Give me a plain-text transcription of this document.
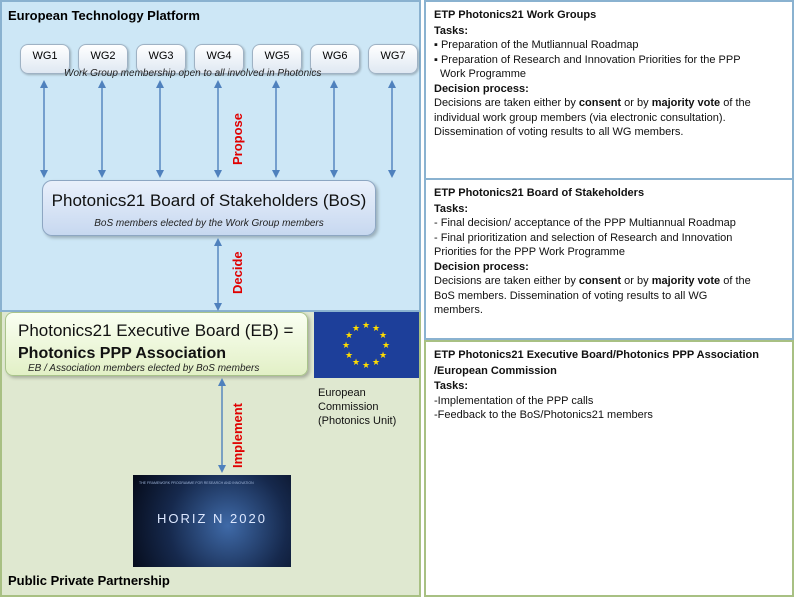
European Technology Platform
Public Private Partnership
WG1	WG2	WG3	WG4	WG5	WG6	WG7
Work Group membership open to all involved in Photonics
Photonics21 Board of Stakeholders (BoS)
BoS members elected by the Work Group members
Photonics21 Executive Board (EB) =
Photonics PPP Association
EB / Association members elected by BoS members
★ ★
★
★
★
★
★
★
★
★
★
★
European
Commission
(Photonics Unit)
THE FRAMEWORK PROGRAMME FOR RESEARCH AND INNOVATION
HORIZ N 2020
Propose
Decide
Implement
ETP Photonics21 Work Groups
Tasks:
▪ Preparation of the Mutliannual Roadmap
▪ Preparation of Research and Innovation Priorities for the PPP
Work Programme
Decision process:
Decisions are taken either by consent or by majority vote of the
individual work group members (via electronic consultation).
Dissemination of voting results to all WG members.
ETP Photonics21 Board of Stakeholders
Tasks:
- Final decision/ acceptance of the PPP Multiannual Roadmap
- Final prioritization and selection of Research and Innovation
Priorities for the PPP Work Programme
Decision process:
Decisions are taken either by consent or by majority vote of the
BoS members. Dissemination of voting results to all WG
members.
ETP Photonics21 Executive Board/Photonics PPP Association
/European Commission
Tasks:
-Implementation of the PPP calls
-Feedback to the BoS/Photonics21 members
